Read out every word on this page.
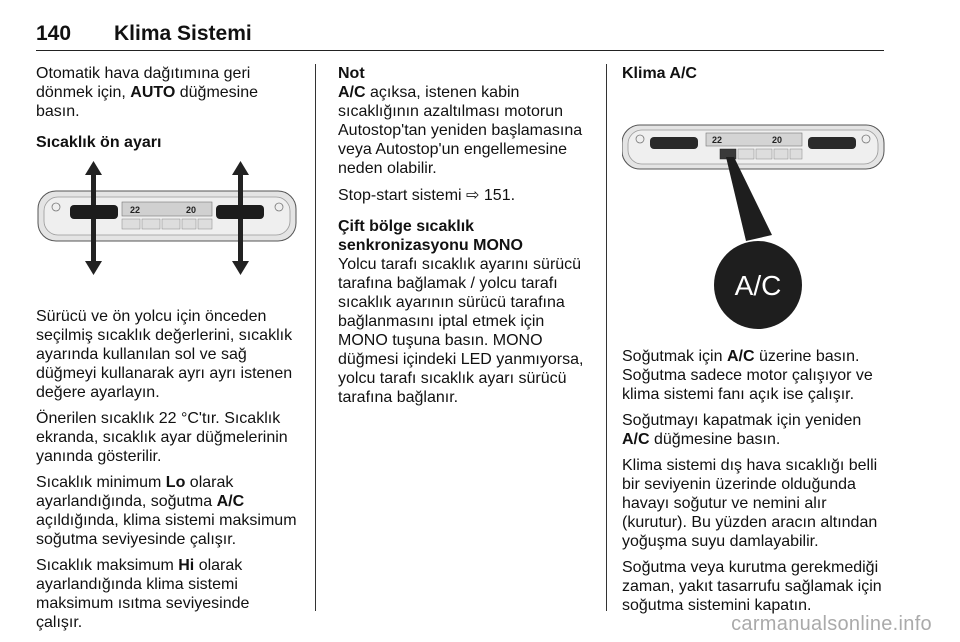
140 Klima Sistemi

Otomatik hava dağıtımına geri dönmek için, AUTO düğmesine basın.

Sıcaklık ön ayarı
22	20

Sürücü ve ön yolcu için önceden seçilmiş sıcaklık değerlerini, sıcaklık ayarında kullanılan sol ve sağ düğmeyi kullanarak ayrı ayrı istenen değere ayarlayın.

Önerilen sıcaklık 22 °C'tır. Sıcaklık ekranda, sıcaklık ayar düğmelerinin yanında gösterilir.

Sıcaklık minimum Lo olarak ayarlandığında, soğutma A/C açıldığında, klima sistemi maksimum soğutma seviyesinde çalışır.

Sıcaklık maksimum Hi olarak ayarlandığında klima sistemi maksimum ısıtma seviyesinde çalışır.

Not

A/C açıksa, istenen kabin sıcaklığının azaltılması motorun Autostop'tan yeniden başlamasına veya Autostop'un engellemesine neden olabilir.

Stop-start sistemi ⇨ 151.

Çift bölge sıcaklık senkronizasyonu MONO

Yolcu tarafı sıcaklık ayarını sürücü tarafına bağlamak / yolcu tarafı sıcaklık ayarının sürücü tarafına bağlanmasını iptal etmek için MONO tuşuna basın. MONO düğmesi içindeki LED yanmıyorsa, yolcu tarafı sıcaklık ayarı sürücü tarafına bağlanır.

Klima A/C
22	20
A/C

Soğutmak için A/C üzerine basın. Soğutma sadece motor çalışıyor ve klima sistemi fanı açık ise çalışır.

Soğutmayı kapatmak için yeniden A/C düğmesine basın.

Klima sistemi dış hava sıcaklığı belli bir seviyenin üzerinde olduğunda havayı soğutur ve nemini alır (kurutur). Bu yüzden aracın altından yoğuşma suyu damlayabilir.

Soğutma veya kurutma gerekmediği zaman, yakıt tasarrufu sağlamak için soğutma sistemini kapatın.

carmanualsonline.info
